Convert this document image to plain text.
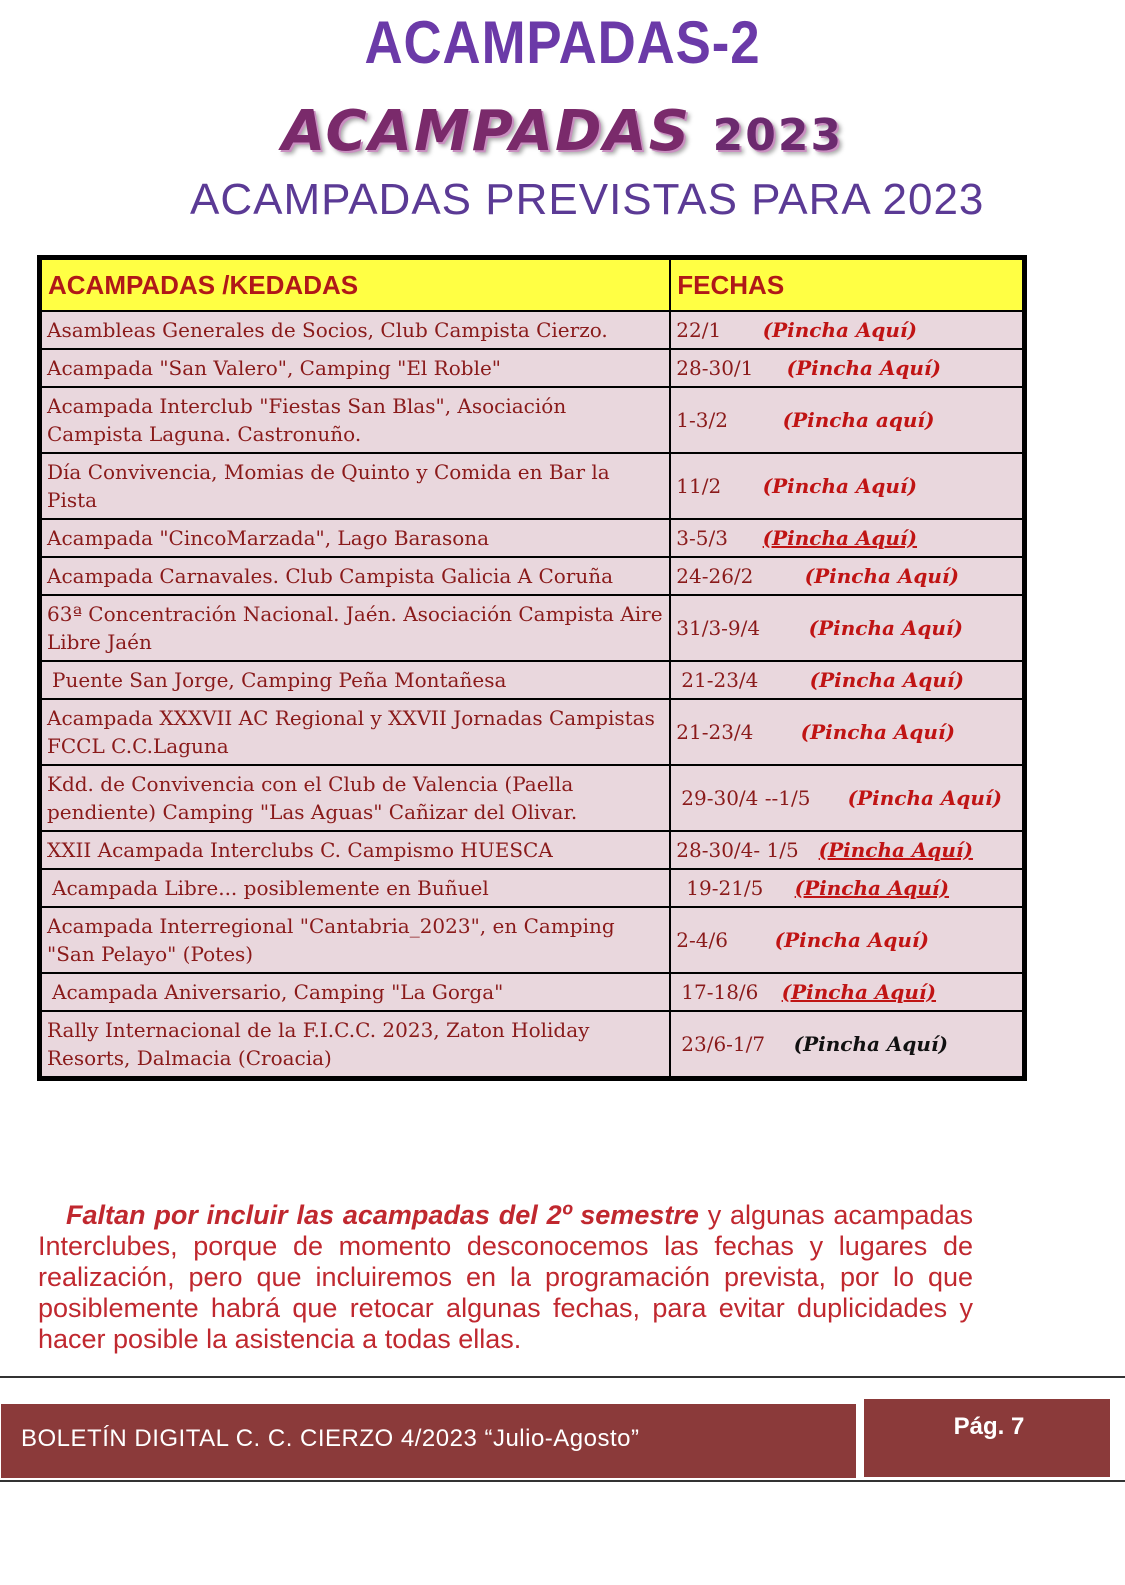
ACAMPADAS-2
ACAMPADAS 2023
ACAMPADAS PREVISTAS PARA 2023
ACAMPADAS /KEDADAS	FECHAS
Asambleas Generales de Socios, Club Campista Cierzo.	22/1 (Pincha Aquí)
Acampada "San Valero", Camping "El Roble"	28-30/1 (Pincha Aquí)
Acampada Interclub "Fiestas San Blas", Asociación Campista Laguna. Castronuño.	1-3/2 (Pincha aquí)
Día Convivencia, Momias de Quinto y Comida en Bar la Pista	11/2 (Pincha Aquí)
Acampada "CincoMarzada", Lago Barasona	3-5/3 (Pincha Aquí)
Acampada Carnavales. Club Campista Galicia A Coruña	24-26/2 (Pincha Aquí)
63ª Concentración Nacional. Jaén. Asociación Campista Aire Libre Jaén	31/3-9/4 (Pincha Aquí)
Puente San Jorge, Camping Peña Montañesa	21-23/4 (Pincha Aquí)
Acampada XXXVII AC Regional y XXVII Jornadas Campistas FCCL C.C.Laguna	21-23/4 (Pincha Aquí)
Kdd. de Convivencia con el Club de Valencia (Paella pendiente) Camping "Las Aguas" Cañizar del Olivar.	29-30/4 --1/5 (Pincha Aquí)
XXII Acampada Interclubs C. Campismo HUESCA	28-30/4- 1/5 (Pincha Aquí)
Acampada Libre... posiblemente en Buñuel	19-21/5 (Pincha Aquí)
Acampada Interregional "Cantabria_2023", en Camping "San Pelayo" (Potes)	2-4/6 (Pincha Aquí)
Acampada Aniversario, Camping "La Gorga"	17-18/6 (Pincha Aquí)
Rally Internacional de la F.I.C.C. 2023, Zaton Holiday Resorts, Dalmacia (Croacia)	23/6-1/7 (Pincha Aquí)
Faltan por incluir las acampadas del 2º semestre y algunas acampadas Interclubes, porque de momento desconocemos las fechas y lugares de realización, pero que incluiremos en la programación prevista, por lo que posiblemente habrá que retocar algunas fechas, para evitar duplicidades y hacer posible la asistencia a todas ellas.
BOLETÍN DIGITAL C. C. CIERZO 4/2023 “Julio-Agosto”	Pág. 7
